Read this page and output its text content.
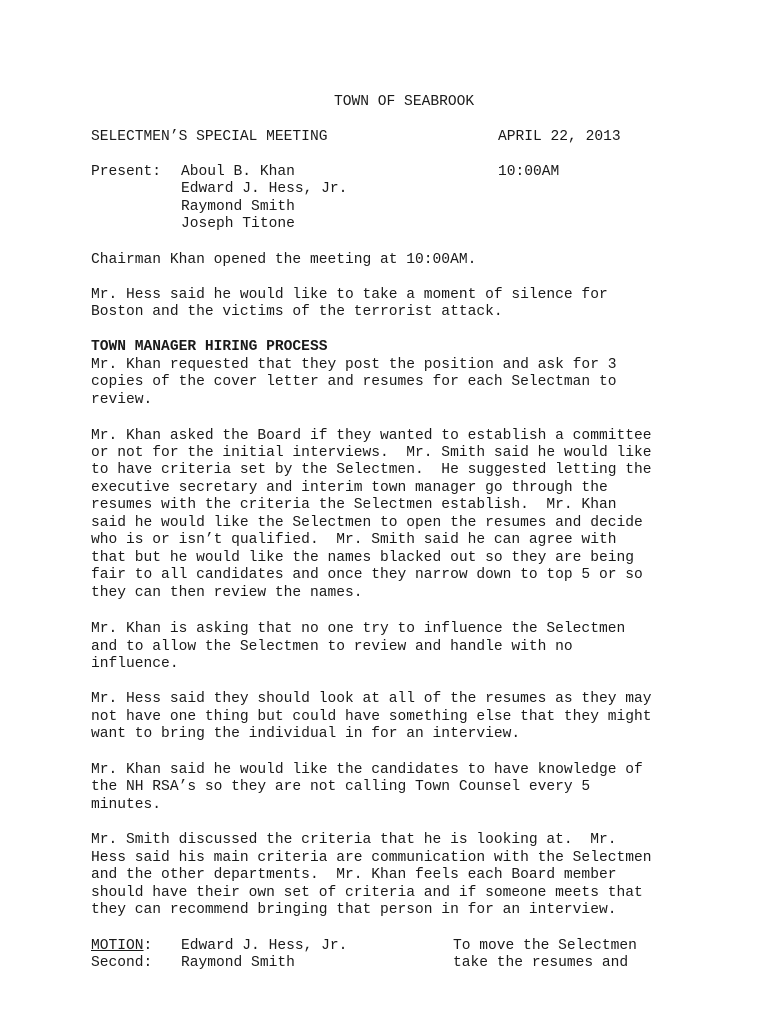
TOWN OF SEABROOK
SELECTMEN’S SPECIAL MEETING	APRIL 22, 2013
Present: Aboul B. Khan	10:00AM
Edward J. Hess, Jr.
Raymond Smith
Joseph Titone
Chairman Khan opened the meeting at 10:00AM.
Mr. Hess said he would like to take a moment of silence for
Boston and the victims of the terrorist attack.
TOWN MANAGER HIRING PROCESS
Mr. Khan requested that they post the position and ask for 3
copies of the cover letter and resumes for each Selectman to
review.
Mr. Khan asked the Board if they wanted to establish a committee
or not for the initial interviews.  Mr. Smith said he would like
to have criteria set by the Selectmen.  He suggested letting the
executive secretary and interim town manager go through the
resumes with the criteria the Selectmen establish.  Mr. Khan
said he would like the Selectmen to open the resumes and decide
who is or isn’t qualified.  Mr. Smith said he can agree with
that but he would like the names blacked out so they are being
fair to all candidates and once they narrow down to top 5 or so
they can then review the names.
Mr. Khan is asking that no one try to influence the Selectmen
and to allow the Selectmen to review and handle with no
influence.
Mr. Hess said they should look at all of the resumes as they may
not have one thing but could have something else that they might
want to bring the individual in for an interview.
Mr. Khan said he would like the candidates to have knowledge of
the NH RSA’s so they are not calling Town Counsel every 5
minutes.
Mr. Smith discussed the criteria that he is looking at.  Mr.
Hess said his main criteria are communication with the Selectmen
and the other departments.  Mr. Khan feels each Board member
should have their own set of criteria and if someone meets that
they can recommend bringing that person in for an interview.
MOTION: Edward J. Hess, Jr.	To move the Selectmen
Second: Raymond Smith	take the resumes and
